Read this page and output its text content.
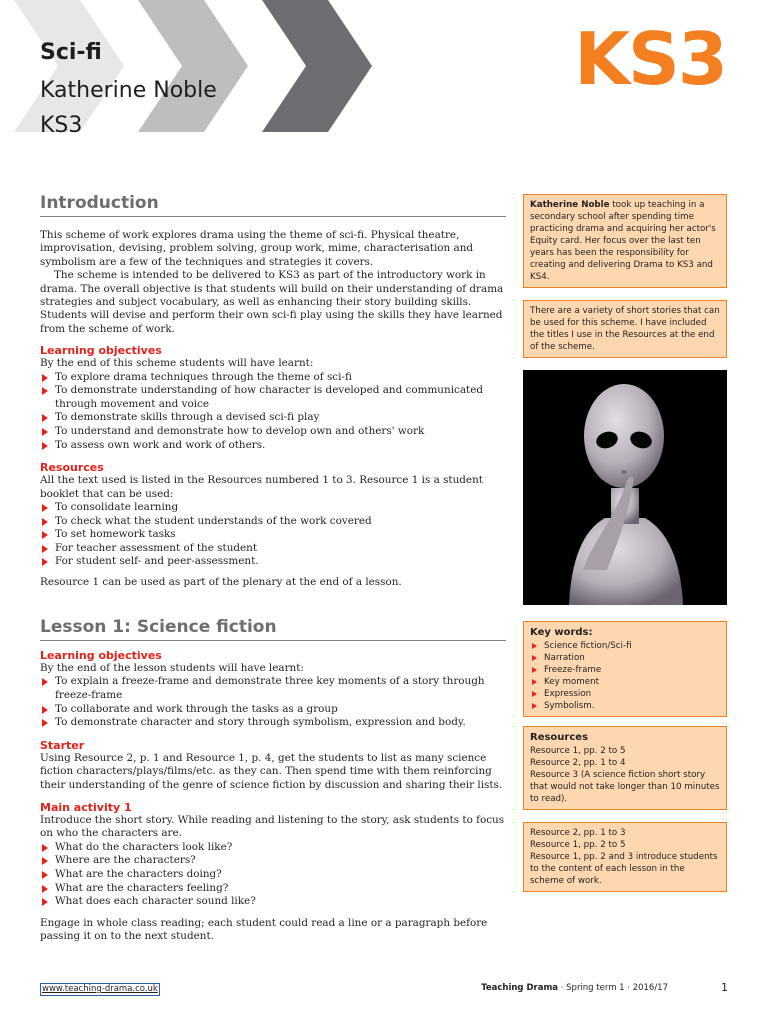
Sci-fi
Katherine Noble
KS3
KS3
Introduction

This scheme of work explores drama using the theme of sci-fi. Physical theatre, improvisation, devising, problem solving, group work, mime, characterisation and symbolism are a few of the techniques and strategies it covers.

The scheme is intended to be delivered to KS3 as part of the introductory work in drama. The overall objective is that students will build on their understanding of drama strategies and subject vocabulary, as well as enhancing their story building skills. Students will devise and perform their own sci-fi play using the skills they have learned from the scheme of work.

Learning objectives

By the end of this scheme students will have learnt:

To explore drama techniques through the theme of sci-fi
To demonstrate understanding of how character is developed and communicated through movement and voice
To demonstrate skills through a devised sci-fi play
To understand and demonstrate how to develop own and others' work
To assess own work and work of others.
Resources

All the text used is listed in the Resources numbered 1 to 3. Resource 1 is a student booklet that can be used:

To consolidate learning
To check what the student understands of the work covered
To set homework tasks
For teacher assessment of the student
For student self- and peer-assessment.

Resource 1 can be used as part of the plenary at the end of a lesson.

Lesson 1: Science fiction
Learning objectives

By the end of the lesson students will have learnt:

To explain a freeze-frame and demonstrate three key moments of a story through freeze-frame
To collaborate and work through the tasks as a group
To demonstrate character and story through symbolism, expression and body.
Starter

Using Resource 2, p. 1 and Resource 1, p. 4, get the students to list as many science fiction characters/plays/films/etc. as they can. Then spend time with them reinforcing their understanding of the genre of science fiction by discussion and sharing their lists.

Main activity 1

Introduce the short story. While reading and listening to the story, ask students to focus on who the characters are.

What do the characters look like?
Where are the characters?
What are the characters doing?
What are the characters feeling?
What does each character sound like?

Engage in whole class reading; each student could read a line or a paragraph before passing it on to the next student.

Katherine Noble took up teaching in a secondary school after spending time practicing drama and acquiring her actor's Equity card. Her focus over the last ten years has been the responsibility for creating and delivering Drama to KS3 and KS4.
There are a variety of short stories that can be used for this scheme. I have included the titles I use in the Resources at the end of the scheme.
Key words:
Science fiction/Sci-fi
Narration
Freeze-frame
Key moment
Expression
Symbolism.
Resources
Resource 1, pp. 2 to 5
Resource 2, pp. 1 to 4
Resource 3 (A science fiction short story that would not take longer than 10 minutes to read).
Resource 2, pp. 1 to 3
Resource 1, pp. 2 to 5
Resource 1, pp. 2 and 3 introduce students to the content of each lesson in the scheme of work.
www.teaching-drama.co.uk	Teaching Drama · Spring term 1 · 2016/17	1
